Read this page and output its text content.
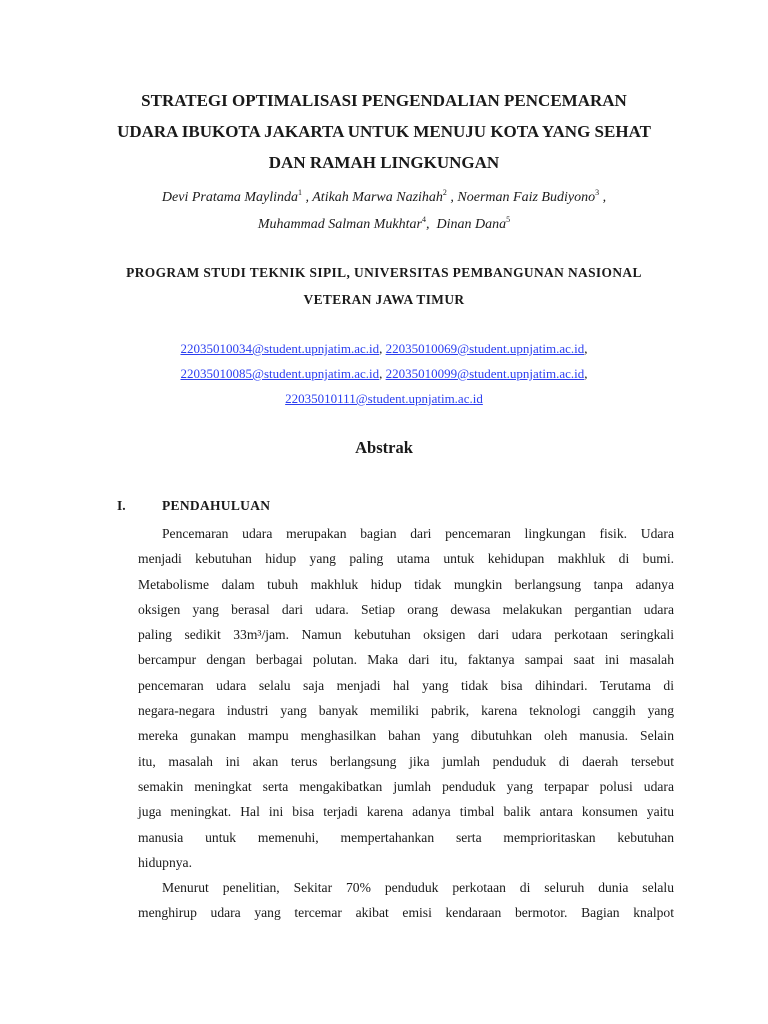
STRATEGI OPTIMALISASI PENGENDALIAN PENCEMARAN
UDARA IBUKOTA JAKARTA UNTUK MENUJU KOTA YANG SEHAT
DAN RAMAH LINGKUNGAN
Devi Pratama Maylinda$^1$ , Atikah Marwa Nazihah$^2$ , Noerman Faiz Budiyono$^3$ ,
Muhammad Salman Mukhtar$^4$,  Dinan Dana$^5$
PROGRAM STUDI TEKNIK SIPIL, UNIVERSITAS PEMBANGUNAN NASIONAL
VETERAN JAWA TIMUR
22035010034@student.upnjatim.ac.id, 22035010069@student.upnjatim.ac.id,
22035010085@student.upnjatim.ac.id, 22035010099@student.upnjatim.ac.id,
22035010111@student.upnjatim.ac.id
Abstrak
I.	PENDAHULUAN
Pencemaran udara merupakan bagian dari pencemaran lingkungan fisik. Udara
menjadi kebutuhan hidup yang paling utama untuk kehidupan makhluk di bumi.
Metabolisme dalam tubuh makhluk hidup tidak mungkin berlangsung tanpa adanya
oksigen yang berasal dari udara. Setiap orang dewasa melakukan pergantian udara
paling sedikit 33m³/jam. Namun kebutuhan oksigen dari udara perkotaan seringkali
bercampur dengan berbagai polutan. Maka dari itu, faktanya sampai saat ini masalah
pencemaran udara selalu saja menjadi hal yang tidak bisa dihindari. Terutama di
negara-negara industri yang banyak memiliki pabrik, karena teknologi canggih yang
mereka gunakan mampu menghasilkan bahan yang dibutuhkan oleh manusia. Selain
itu, masalah ini akan terus berlangsung jika jumlah penduduk di daerah tersebut
semakin meningkat serta mengakibatkan jumlah penduduk yang terpapar polusi udara
juga meningkat. Hal ini bisa terjadi karena adanya timbal balik antara konsumen yaitu
manusia untuk memenuhi, mempertahankan serta memprioritaskan kebutuhan
hidupnya.
Menurut penelitian, Sekitar 70% penduduk perkotaan di seluruh dunia selalu
menghirup udara yang tercemar akibat emisi kendaraan bermotor. Bagian knalpot
